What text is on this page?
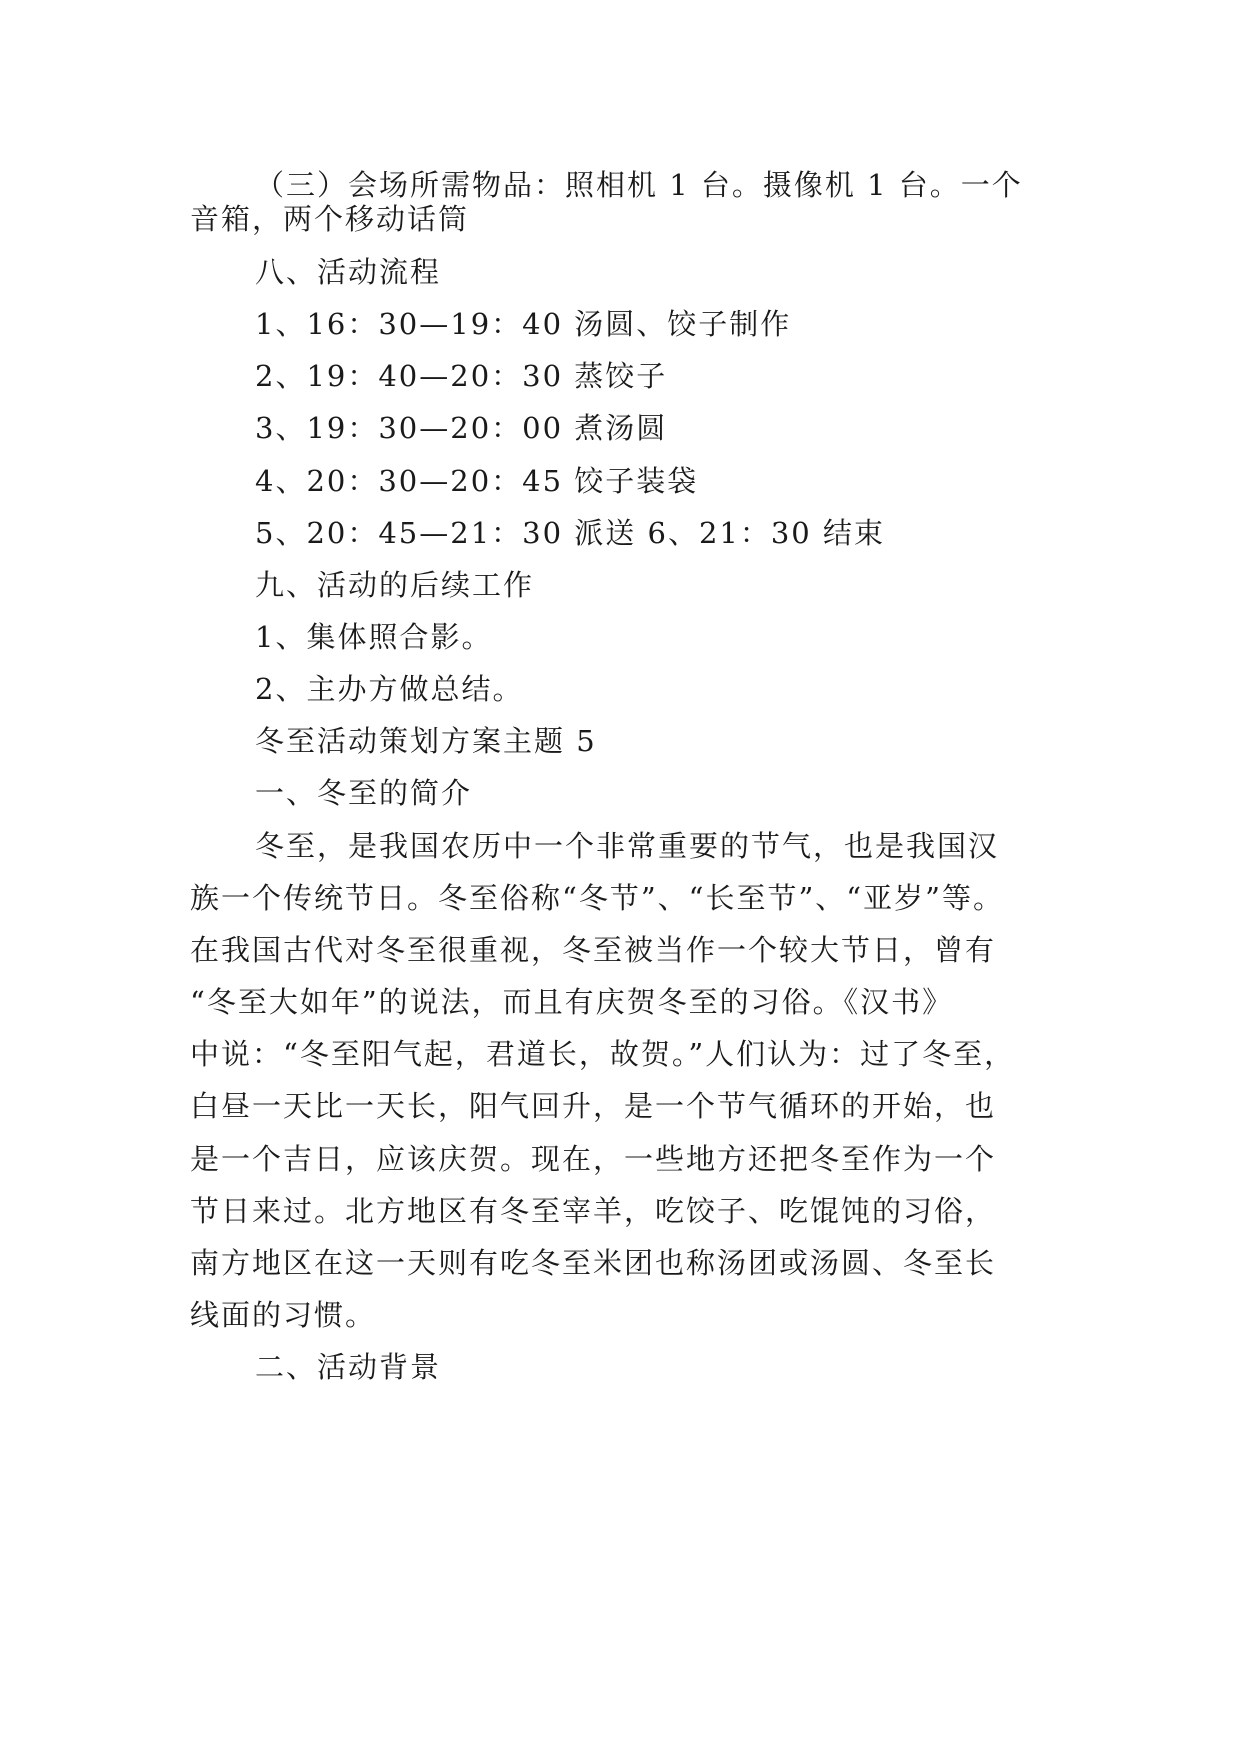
（三）会场所需物品：照相机 1 台。摄像机 1 台。一个

音箱，两个移动话筒

八、活动流程

1、16：30—19：40 汤圆、饺子制作

2、19：40—20：30 蒸饺子

3、19：30—20：00 煮汤圆

4、20：30—20：45 饺子装袋

5、20：45—21：30 派送 6、21：30 结束

九、活动的后续工作

1、集体照合影。

2、主办方做总结。

冬至活动策划方案主题 5

一、冬至的简介

冬至，是我国农历中一个非常重要的节气，也是我国汉

族一个传统节日。冬至俗称“冬节”、“长至节”、“亚岁”等。

在我国古代对冬至很重视，冬至被当作一个较大节日，曾有

“冬至大如年”的说法，而且有庆贺冬至的习俗。《汉书》

中说：“冬至阳气起，君道长，故贺。”人们认为：过了冬至，

白昼一天比一天长，阳气回升，是一个节气循环的开始，也

是一个吉日，应该庆贺。现在，一些地方还把冬至作为一个

节日来过。北方地区有冬至宰羊，吃饺子、吃馄饨的习俗，

南方地区在这一天则有吃冬至米团也称汤团或汤圆、冬至长

线面的习惯。

二、活动背景
